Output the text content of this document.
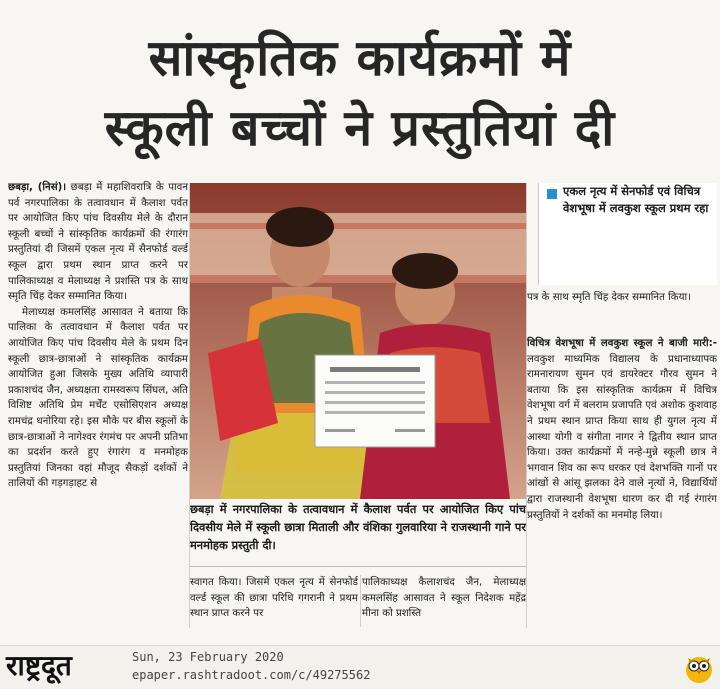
सांस्कृतिक कार्यक्रमों में
स्कूली बच्चों ने प्रस्तुतियां दी

छबड़ा, (निसं)। छबड़ा में महाशिवरात्रि के पावन पर्व नगरपालिका के तत्वावधान में कैलाश पर्वत पर आयोजित किए पांच दिवसीय मेले के दौरान स्कूली बच्चों ने सांस्कृतिक कार्यक्रमों की रंगारंग प्रस्तुतियां दी जिसमें एकल नृत्य में सैनफोर्ड वर्ल्ड स्कूल द्वारा प्रथम स्थान प्राप्त करने पर पालिकाध्यक्ष व मेलाध्यक्ष ने प्रशस्ति पत्र के साथ स्मृति चिंह देकर सम्मानित किया।

मेलाध्यक्ष कमलसिंह आसावत ने बताया कि पालिका के तत्वावधान में कैलाश पर्वत पर आयोजित किए पांच दिवसीय मेले के प्रथम दिन स्कूली छात्र-छात्राओं ने सांस्कृतिक कार्यक्रम आयोजित हुआ जिसके मुख्य अतिथि व्यापारी प्रकाशचंद जैन, अध्यक्षता रामस्वरूप सिंघल, अति विशिष्ट अतिथि प्रेम मर्चेंट एसोसिएशन अध्यक्ष रामचंद्र धनोरिया रहे। इस मौके पर बीस स्कूलों के छात्र-छात्राओं ने नागेश्वर रंगमंच पर अपनी प्रतिभा का प्रदर्शन करते हुए रंगारंग व मनमोहक प्रस्तुतियां जिनका वहां मौजूद सैकड़ों दर्शकों ने तालियों की गड़गड़ाहट से

एकल नृत्य में सेनफोर्ड एवं विचित्र वेशभूषा में लवकुश स्कूल प्रथम रहा
छबड़ा में नगरपालिका के तत्वावधान में कैलाश पर्वत पर आयोजित किए पांच दिवसीय मेले में स्कूली छात्रा मिताली और वंशिका गुलवारिया ने राजस्थानी गाने पर मनमोहक प्रस्तुती दी।
स्वागत किया। जिसमें एकल नृत्य में सेनफोर्ड वर्ल्ड स्कूल की छात्रा परिधि गगरानी ने प्रथम स्थान प्राप्त करने पर
पालिकाध्यक्ष कैलाशचंद जैन, मेलाध्यक्ष कमलसिंह आसावत ने स्कूल निदेशक महेंद्र मीना को प्रशस्ति
पत्र के साथ स्मृति चिंह देकर सम्मानित किया।

विचित्र वेशभूषा में लवकुश स्कूल ने बाजी मारी:- लवकुश माध्यमिक विद्यालय के प्रधानाध्यापक रामनारायण सुमन एवं डायरेक्टर गौरव सुमन ने बताया कि इस सांस्कृतिक कार्यक्रम में विचित्र वेशभूषा वर्ग में बलराम प्रजापति एवं अशोक कुशवाह ने प्रथम स्थान प्राप्त किया साथ ही युगल नृत्य में आस्था योगी व संगीता नागर ने द्वितीय स्थान प्राप्त किया। उक्त कार्यक्रमों में नन्हे-मुन्ने स्कूली छात्र ने भगवान शिव का रूप धरकर एवं देशभक्ति गानों पर आंखों से आंसू झलका देने वाले नृत्यों ने, विद्यार्थियों द्वारा राजस्थानी वेशभूषा धारण कर दी गई रंगारंग प्रस्तुतियों ने दर्शकों का मनमोह लिया।

राष्ट्रदूत	Sun, 23 February 2020
epaper.rashtradoot.com/c/49275562
